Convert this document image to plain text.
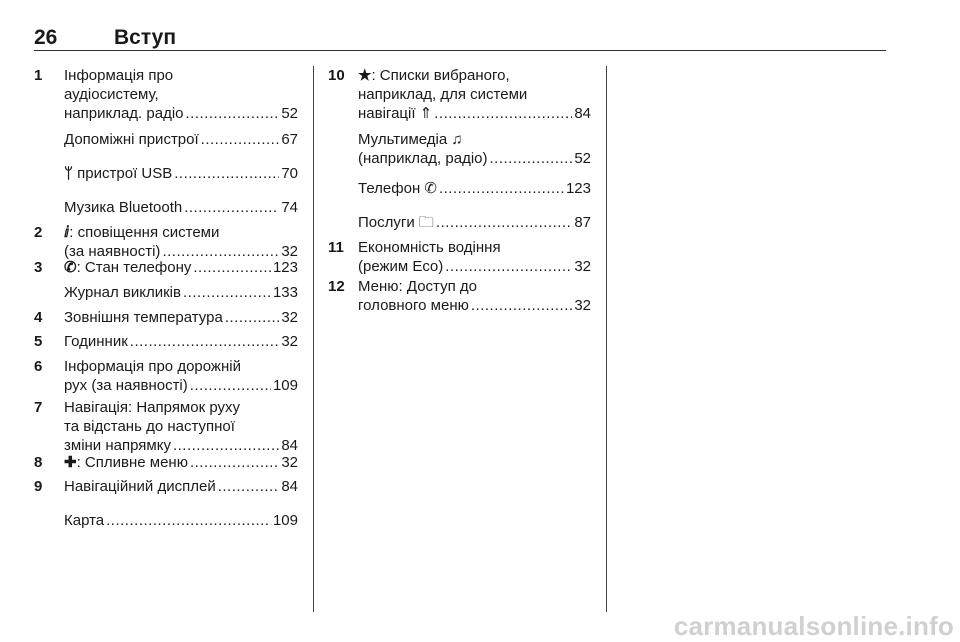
26	Вступ
1 Інформація про
аудіосистему,
наприклад. радіо .....	52
Допоміжні пристрої .....	67
ᛘ пристрої USB .....	70
Музика Bluetooth .....	74
2 ⅈ: сповіщення системи
(за наявності) .....	32
3 ✆: Стан телефону .....	123
Журнал викликів .....	133
4 Зовнішня температура .....	32
5 Годинник .....	32
6 Інформація про дорожній
рух (за наявності) .....	109
7 Навігація: Напрямок руху
та відстань до наступної
зміни напрямку .....	84
8 ✚: Спливне меню .....	32
9 Навігаційний дисплей .....	84
Карта .....	109
10 ★: Списки вибраного,
наприклад, для системи
навігації ⇑ .....	84
Мультимедіа ♫
(наприклад, радіо) .....	52
Телефон ✆ .....	123
Послуги 🗀 .....	87
11 Економність водіння
(режим Eco) .....	32
12 Меню: Доступ до
головного меню .....	32
carmanualsonline.info
